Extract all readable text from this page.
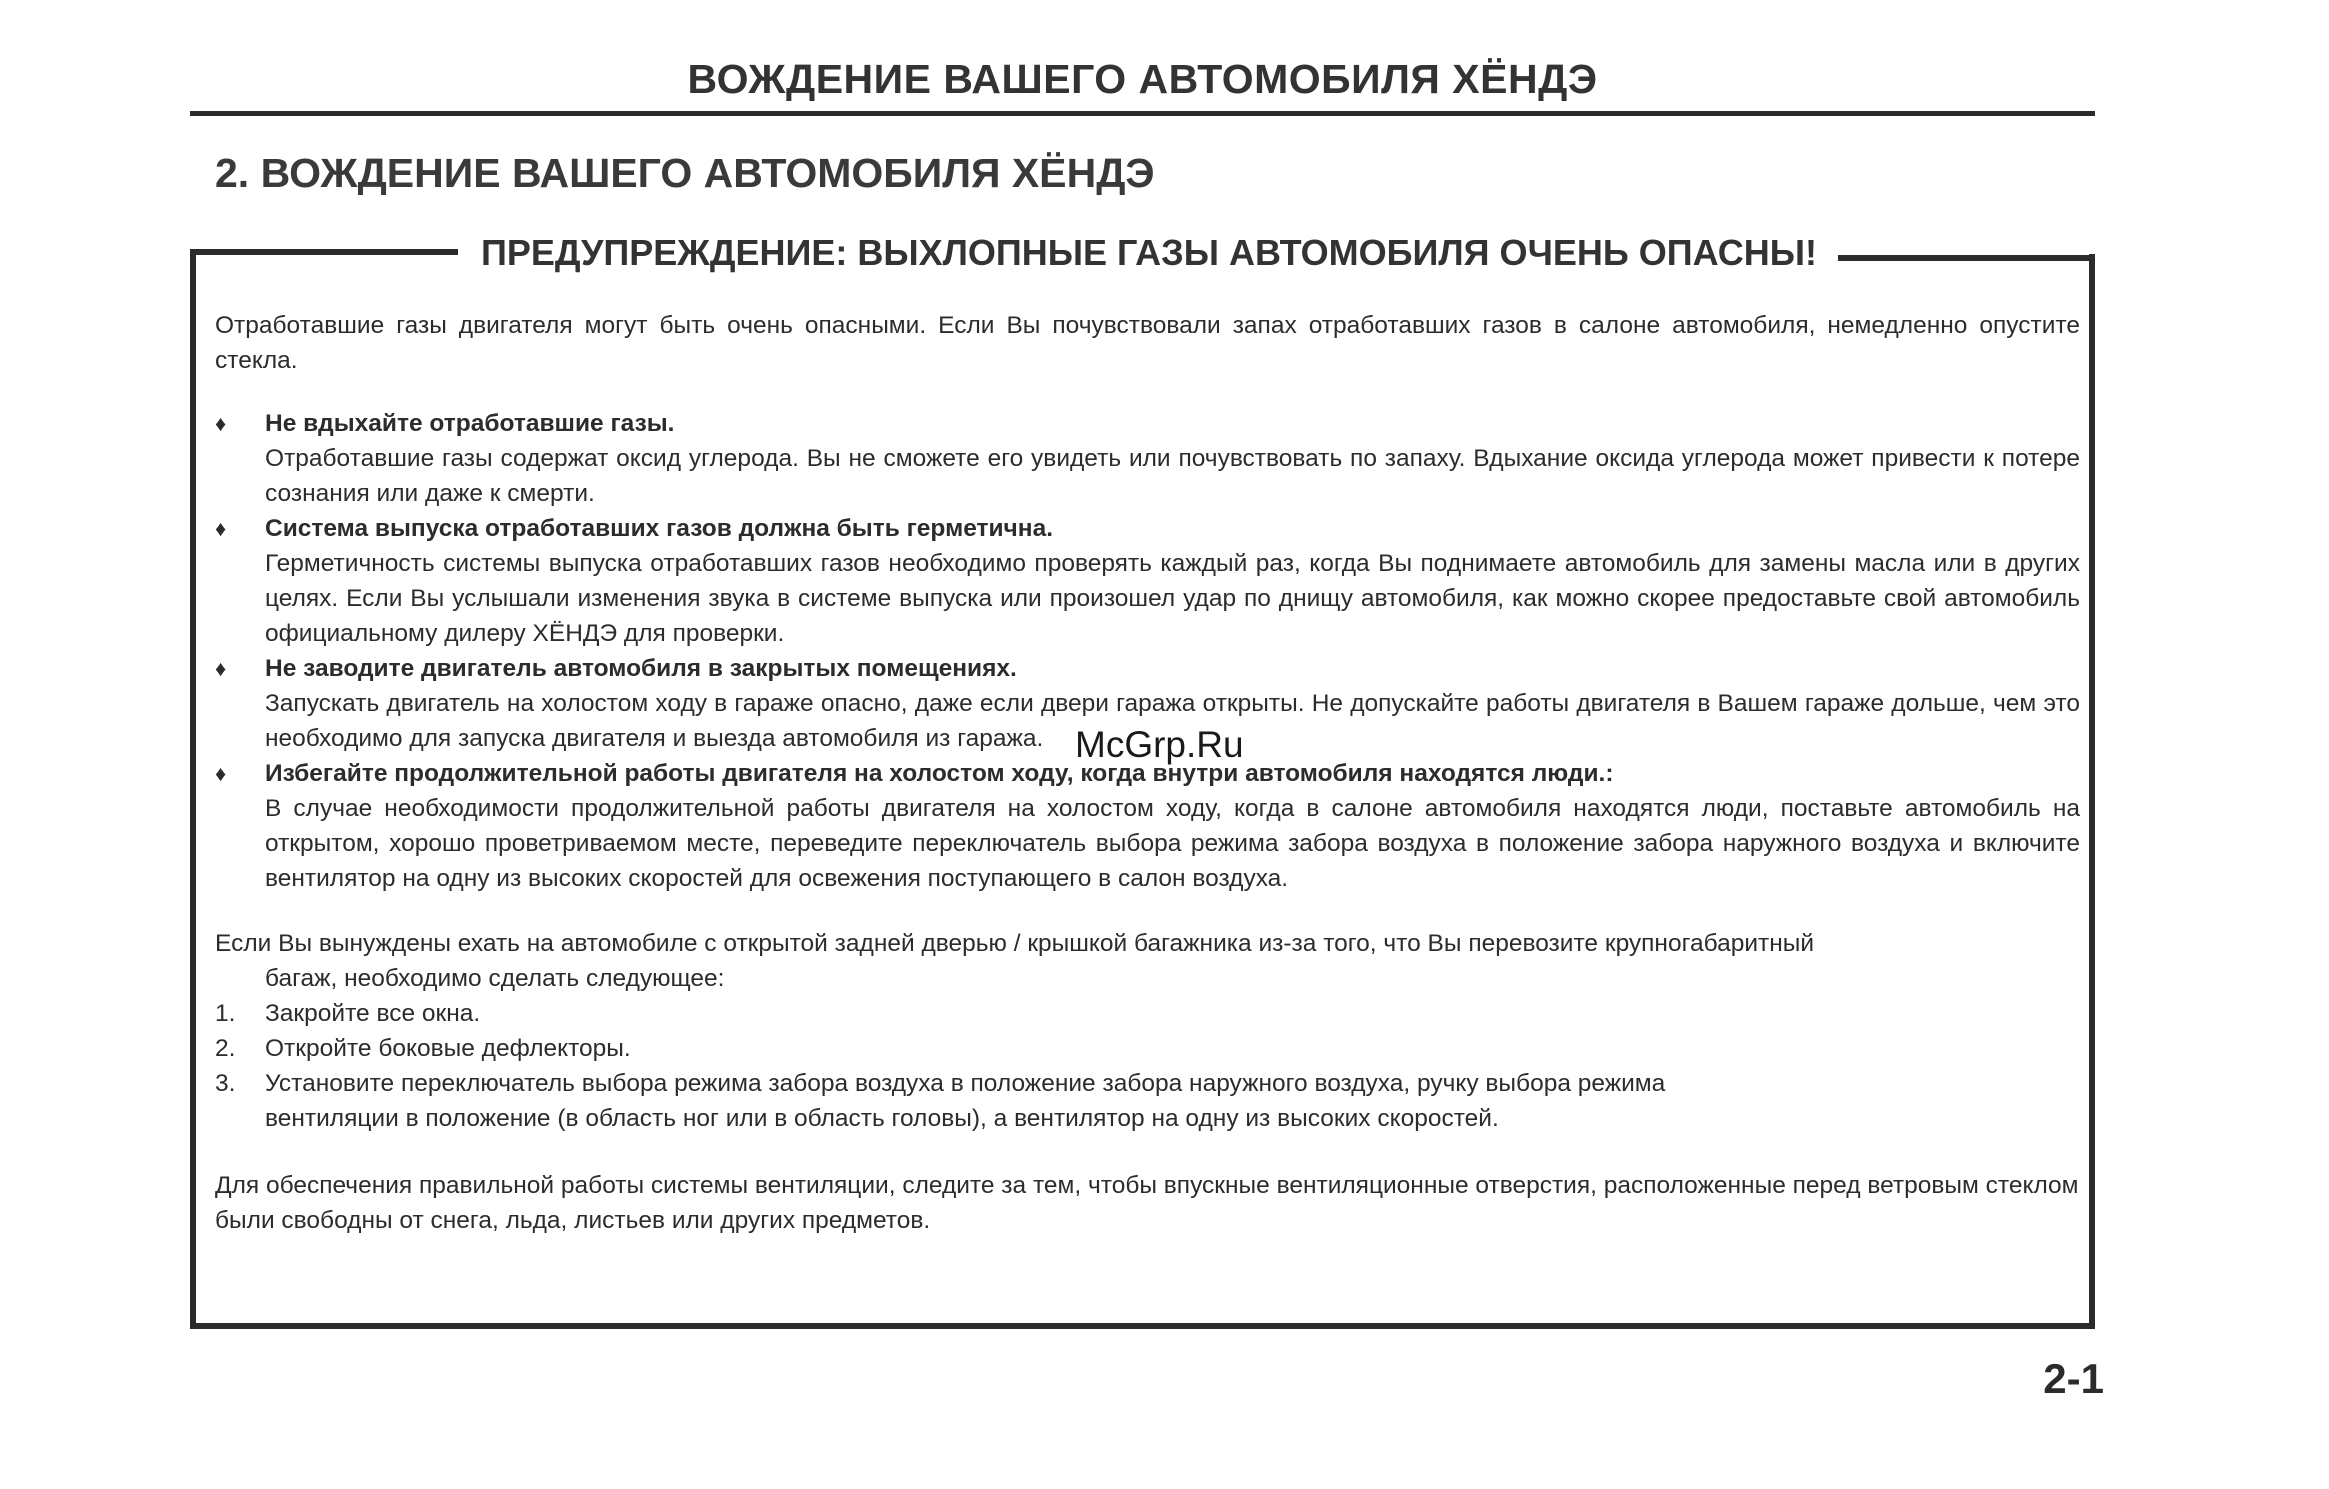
ВОЖДЕНИЕ ВАШЕГО АВТОМОБИЛЯ ХЁНДЭ
2. ВОЖДЕНИЕ ВАШЕГО АВТОМОБИЛЯ ХЁНДЭ
ПРЕДУПРЕЖДЕНИЕ: ВЫХЛОПНЫЕ ГАЗЫ АВТОМОБИЛЯ ОЧЕНЬ ОПАСНЫ!

Отработавшие газы двигателя могут быть очень опасными. Если Вы почувствовали запах отработавших газов в салоне автомобиля, немедленно опустите стекла.

♦ Не вдыхайте отработавшие газы.
Отработавшие газы содержат оксид углерода. Вы не сможете его увидеть или почувствовать по запаху. Вдыхание оксида углерода может привести к потере сознания или даже к смерти.
♦ Система выпуска отработавших газов должна быть герметична.
Герметичность системы выпуска отработавших газов необходимо проверять каждый раз, когда Вы поднимаете автомобиль для замены масла или в других целях. Если Вы услышали изменения звука в системе выпуска или произошел удар по днищу автомобиля, как можно скорее предоставьте свой автомобиль официальному дилеру ХЁНДЭ для проверки.
♦ Не заводите двигатель автомобиля в закрытых помещениях.
Запускать двигатель на холостом ходу в гараже опасно, даже если двери гаража открыты. Не допускайте работы двигателя в Вашем гараже дольше, чем это необходимо для запуска двигателя и выезда автомобиля из гаража.
♦ Избегайте продолжительной работы двигателя на холостом ходу, когда внутри автомобиля находятся люди.:
В случае необходимости продолжительной работы двигателя на холостом ходу, когда в салоне автомобиля находятся люди, поставьте автомобиль на открытом, хорошо проветриваемом месте, переведите переключатель выбора режима забора воздуха в положение забора наружного воздуха и включите вентилятор на одну из высоких скоростей для освежения поступающего в салон воздуха.
Если Вы вынуждены ехать на автомобиле с открытой задней дверью / крышкой багажника из-за того, что Вы перевозите крупногабаритный
багаж, необходимо сделать следующее:
1. Закройте все окна.
2. Откройте боковые дефлекторы.
3. Установите переключатель выбора режима забора воздуха в положение забора наружного воздуха, ручку выбора режима
вентиляции в положение (в область ног или в область головы), а вентилятор на одну из высоких скоростей.

Для обеспечения правильной работы системы вентиляции, следите за тем, чтобы впускные вентиляционные отверстия, расположенные перед ветровым стеклом были свободны от снега, льда, листьев или других предметов.

McGrp.Ru
2-1
